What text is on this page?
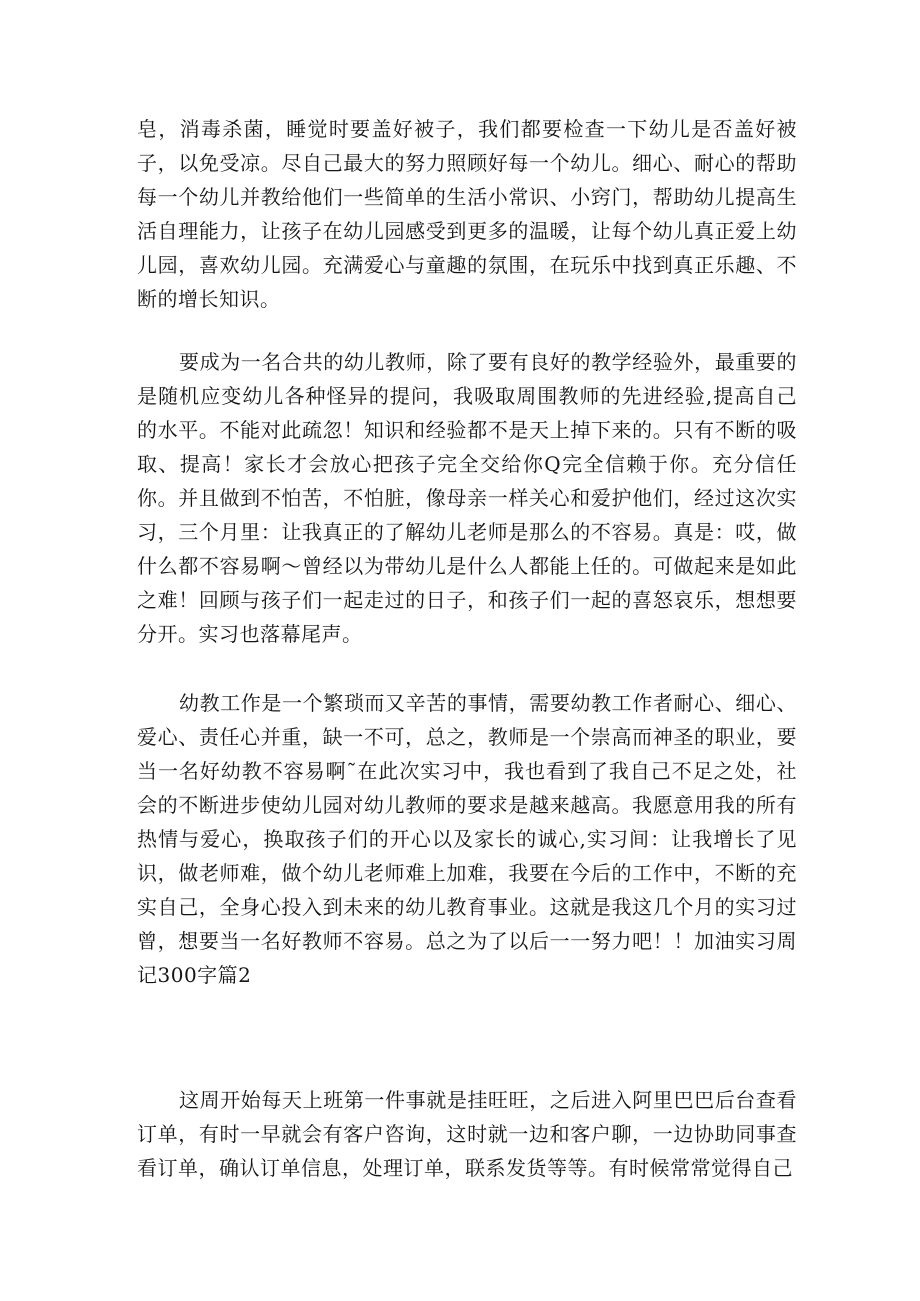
皂，消毒杀菌，睡觉时要盖好被子，我们都要检查一下幼儿是否盖好被子，以免受凉。尽自己最大的努力照顾好每一个幼儿。细心、耐心的帮助每一个幼儿并教给他们一些简单的生活小常识、小窍门，帮助幼儿提高生活自理能力，让孩子在幼儿园感受到更多的温暖，让每个幼儿真正爱上幼儿园，喜欢幼儿园。充满爱心与童趣的氛围，在玩乐中找到真正乐趣、不断的增长知识。

要成为一名合共的幼儿教师，除了要有良好的教学经验外，最重要的是随机应变幼儿各种怪异的提问，我吸取周围教师的先进经验,提高自己的水平。不能对此疏忽！知识和经验都不是天上掉下来的。只有不断的吸取、提高！家长才会放心把孩子完全交给你Q完全信赖于你。充分信任你。并且做到不怕苦，不怕脏，像母亲一样关心和爱护他们，经过这次实习，三个月里：让我真正的了解幼儿老师是那么的不容易。真是：哎，做什么都不容易啊～曾经以为带幼儿是什么人都能上任的。可做起来是如此之难！回顾与孩子们一起走过的日子，和孩子们一起的喜怒哀乐，想想要分开。实习也落幕尾声。

幼教工作是一个繁琐而又辛苦的事情，需要幼教工作者耐心、细心、爱心、责任心并重，缺一不可，总之，教师是一个崇高而神圣的职业，要当一名好幼教不容易啊˜在此次实习中，我也看到了我自己不足之处，社会的不断进步使幼儿园对幼儿教师的要求是越来越高。我愿意用我的所有热情与爱心，换取孩子们的开心以及家长的诚心,实习间：让我增长了见识，做老师难，做个幼儿老师难上加难，我要在今后的工作中，不断的充实自己，全身心投入到未来的幼儿教育事业。这就是我这几个月的实习过曾，想要当一名好教师不容易。总之为了以后一一努力吧！！加油实习周记300字篇2

这周开始每天上班第一件事就是挂旺旺，之后进入阿里巴巴后台查看订单，有时一早就会有客户咨询，这时就一边和客户聊，一边协助同事查看订单，确认订单信息，处理订单，联系发货等等。有时候常常觉得自己
